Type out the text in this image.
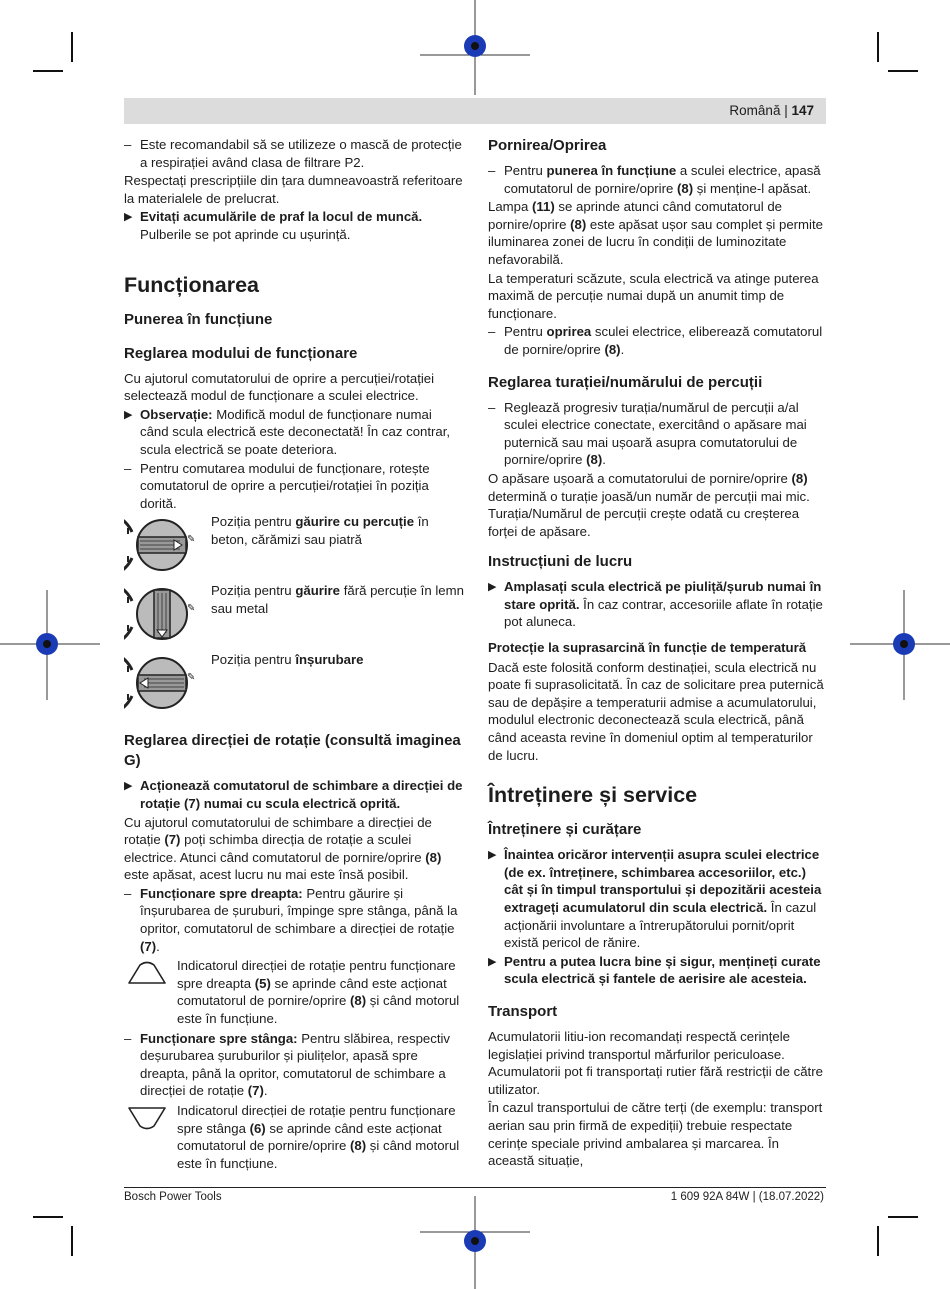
Română | 147
– Este recomandabil să se utilizeze o mască de protecție a respirației având clasa de filtrare P2.

Respectați prescripțiile din țara dumneavoastră referitoare la materialele de prelucrat.

▶ Evitați acumulările de praf la locul de muncă. Pulberile se pot aprinde cu ușurință.
Funcționarea
Punerea în funcțiune
Reglarea modului de funcționare

Cu ajutorul comutatorului de oprire a percuției/rotației selectează modul de funcționare a sculei electrice.

▶ Observație: Modifică modul de funcționare numai când scula electrică este deconectată! În caz contrar, scula electrică se poate deteriora.
– Pentru comutarea modului de funcționare, rotește comutatorul de oprire a percuției/rotației în poziția dorită.
✎
Poziția pentru găurire cu percuție în beton, cărămizi sau piatră
✎
Poziția pentru găurire fără percuție în lemn sau metal
✎
Poziția pentru înșurubare
Reglarea direcției de rotație (consultă imaginea G)
▶ Acționează comutatorul de schimbare a direcției de rotație (7) numai cu scula electrică oprită.

Cu ajutorul comutatorului de schimbare a direcției de rotație (7) poți schimba direcția de rotație a sculei electrice. Atunci când comutatorul de pornire/oprire (8) este apăsat, acest lucru nu mai este însă posibil.

– Funcționare spre dreapta: Pentru găurire și înșurubarea de șuruburi, împinge spre stânga, până la opritor, comutatorul de schimbare a direcției de rotație (7).
Indicatorul direcției de rotație pentru funcționare spre dreapta (5) se aprinde când este acționat comutatorul de pornire/oprire (8) și când motorul este în funcțiune.
– Funcționare spre stânga: Pentru slăbirea, respectiv deșurubarea șuruburilor și piulițelor, apasă spre dreapta, până la opritor, comutatorul de schimbare a direcției de rotație (7).
Indicatorul direcției de rotație pentru funcționare spre stânga (6) se aprinde când este acționat comutatorul de pornire/oprire (8) și când motorul este în funcțiune.
Pornirea/Oprirea
– Pentru punerea în funcțiune a sculei electrice, apasă comutatorul de pornire/oprire (8) și menține-l apăsat.

Lampa (11) se aprinde atunci când comutatorul de pornire/oprire (8) este apăsat ușor sau complet și permite iluminarea zonei de lucru în condiții de luminozitate nefavorabilă.

La temperaturi scăzute, scula electrică va atinge puterea maximă de percuție numai după un anumit timp de funcționare.

– Pentru oprirea sculei electrice, eliberează comutatorul de pornire/oprire (8).
Reglarea turației/numărului de percuții
– Reglează progresiv turația/numărul de percuții a/al sculei electrice conectate, exercitând o apăsare mai puternică sau mai ușoară asupra comutatorului de pornire/oprire (8).

O apăsare ușoară a comutatorului de pornire/oprire (8) determină o turație joasă/un număr de percuții mai mic. Turația/Numărul de percuții crește odată cu creșterea forței de apăsare.

Instrucțiuni de lucru
▶ Amplasați scula electrică pe piuliță/șurub numai în stare oprită. În caz contrar, accesoriile aflate în rotație pot aluneca.
Protecție la suprasarcină în funcție de temperatură

Dacă este folosită conform destinației, scula electrică nu poate fi suprasolicitată. În caz de solicitare prea puternică sau de depășire a temperaturii admise a acumulatorului, modulul electronic deconectează scula electrică, până când aceasta revine în domeniul optim al temperaturilor de lucru.

Întreținere și service
Întreținere și curățare
▶ Înaintea oricăror intervenții asupra sculei electrice (de ex. întreținere, schimbarea accesoriilor, etc.) cât și în timpul transportului și depozitării acesteia extrageți acumulatorul din scula electrică. În cazul acționării involuntare a întrerupătorului pornit/oprit există pericol de rănire.
▶ Pentru a putea lucra bine și sigur, mențineți curate scula electrică și fantele de aerisire ale acesteia.
Transport

Acumulatorii litiu-ion recomandați respectă cerințele legislației privind transportul mărfurilor periculoase. Acumulatorii pot fi transportați rutier fără restricții de către utilizator.

În cazul transportului de către terți (de exemplu: transport aerian sau prin firmă de expediții) trebuie respectate cerințe speciale privind ambalarea și marcarea. În această situație,

Bosch Power Tools	1 609 92A 84W | (18.07.2022)
